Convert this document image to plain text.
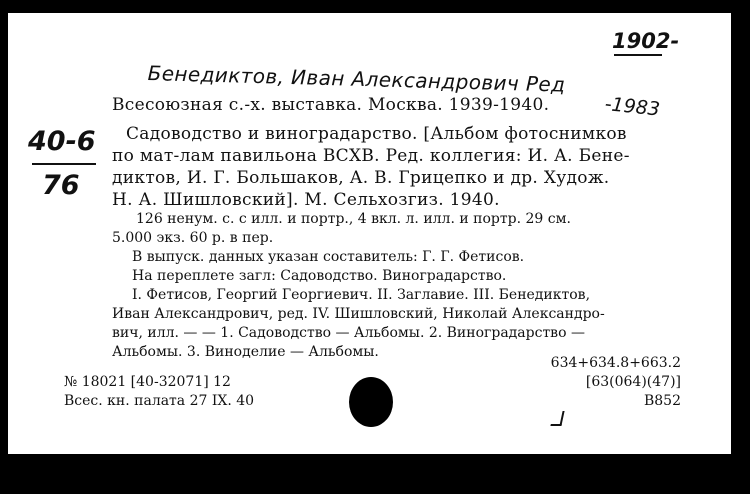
1902-
Бенедиктов, Иван Александрович Ред
-1983
40-6
76
Всесоюзная с.-х. выставка. Москва. 1939-1940.
Садоводство и виноградарство. [Альбом фотоснимков
по мат-лам павильона ВСХВ. Ред. коллегия: И. А. Бене-
диктов, И. Г. Большаков, А. В. Грицепко и др. Худож.
Н. А. Шишловский]. М. Сельхозгиз. 1940.
126 ненум. с. с илл. и портр., 4 вкл. л. илл. и портр. 29 см.
5.000 экз. 60 р. в пер.
В выпуск. данных указан составитель: Г. Г. Фетисов.
На переплете загл: Садоводство. Виноградарство.
I. Фетисов, Георгий Георгиевич. II. Заглавие. III. Бенедиктов,
Иван Александрович, ред. IV. Шишловский, Николай Александро-
вич, илл. — — 1. Садоводство — Альбомы. 2. Виноградарство —
Альбомы. 3. Виноделие — Альбомы.
634+634.8+663.2
[63(064)(47)]
B852
№ 18021 [40-32071] 12
Всес. кн. палата 27 IX. 40
